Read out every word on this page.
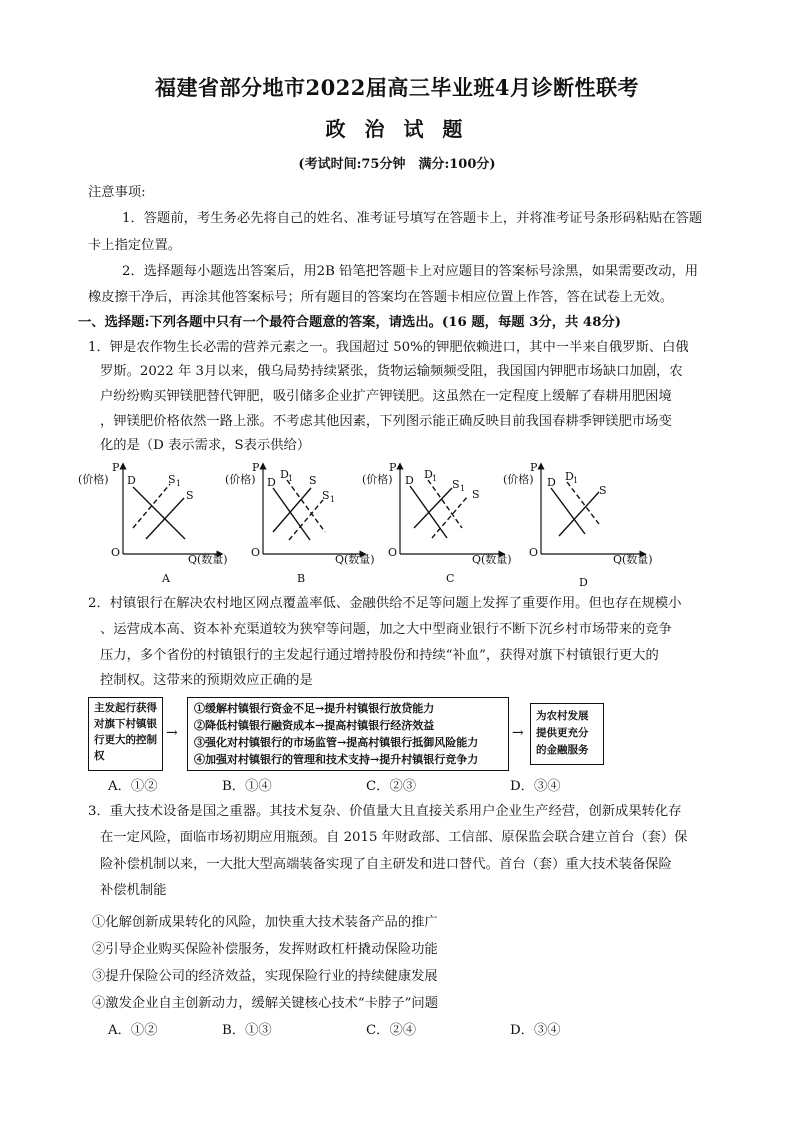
福建省部分地市2022届高三毕业班4月诊断性联考
政 治 试 题
(考试时间:75分钟　满分:100分)
注意事项:
1．答题前，考生务必先将自己的姓名、准考证号填写在答题卡上，并将准考证号条形码粘贴在答题
卡上指定位置。
2．选择题每小题选出答案后，用2B 铅笔把答题卡上对应题目的答案标号涂黑，如果需要改动，用
橡皮擦干净后，再涂其他答案标号；所有题目的答案均在答题卡相应位置上作答，答在试卷上无效。
一、选择题:下列各题中只有一个最符合题意的答案，请选出。(16 题，每题 3分，共 48分)
1．钾是农作物生长必需的营养元素之一。我国超过 50%的钾肥依赖进口，其中一半来自俄罗斯、白俄
罗斯。2022 年 3月以来，俄乌局势持续紧张，货物运输频频受阻，我国国内钾肥市场缺口加剧，农
户纷纷购买钾镁肥替代钾肥，吸引储多企业扩产钾镁肥。这虽然在一定程度上缓解了春耕用肥困境
，钾镁肥价格依然一路上涨。不考虑其他因素，下列图示能正确反映目前我国春耕季钾镁肥市场变
化的是（D 表示需求，S表示供给）
(价格)
P
O
Q(数量)
D	S 1
S
A
(价格)
P
O
Q(数量)
D
D 1 S
S 1
B
(价格)
P
O
Q(数量)
D D 1
S
S 1
C
(价格)
P
O
Q(数量)
D D 1
S
D
2．村镇银行在解决农村地区网点覆盖率低、金融供给不足等问题上发挥了重要作用。但也存在规模小
、运营成本高、资本补充渠道较为狭窄等问题，加之大中型商业银行不断下沉乡村市场带来的竞争
压力，多个省份的村镇银行的主发起行通过增持股份和持续“补血”，获得对旗下村镇银行更大的
控制权。这带来的预期效应正确的是
主发起行获得对旗下村镇银行更大的控制权
→
①缓解村镇银行资金不足→提升村镇银行放贷能力
②降低村镇银行融资成本→提高村镇银行经济效益
③强化对村镇银行的市场监管→提高村镇银行抵御风险能力
④加强对村镇银行的管理和技术支持→提升村镇银行竞争力
→
为农村发展提供更充分的金融服务
A．①②	B．①④	C．②③	D．③④
3．重大技术设备是国之重器。其技术复杂、价值量大且直接关系用户企业生产经营，创新成果转化存
在一定风险，面临市场初期应用瓶颈。自 2015 年财政部、工信部、原保监会联合建立首台（套）保
险补偿机制以来，一大批大型高端装备实现了自主研发和进口替代。首台（套）重大技术装备保险
补偿机制能
①化解创新成果转化的风险，加快重大技术装备产品的推广
②引导企业购买保险补偿服务，发挥财政杠杆撬动保险功能
③提升保险公司的经济效益，实现保险行业的持续健康发展
④激发企业自主创新动力，缓解关键核心技术“卡脖子”问题
A．①②	B．①③	C．②④	D．③④
